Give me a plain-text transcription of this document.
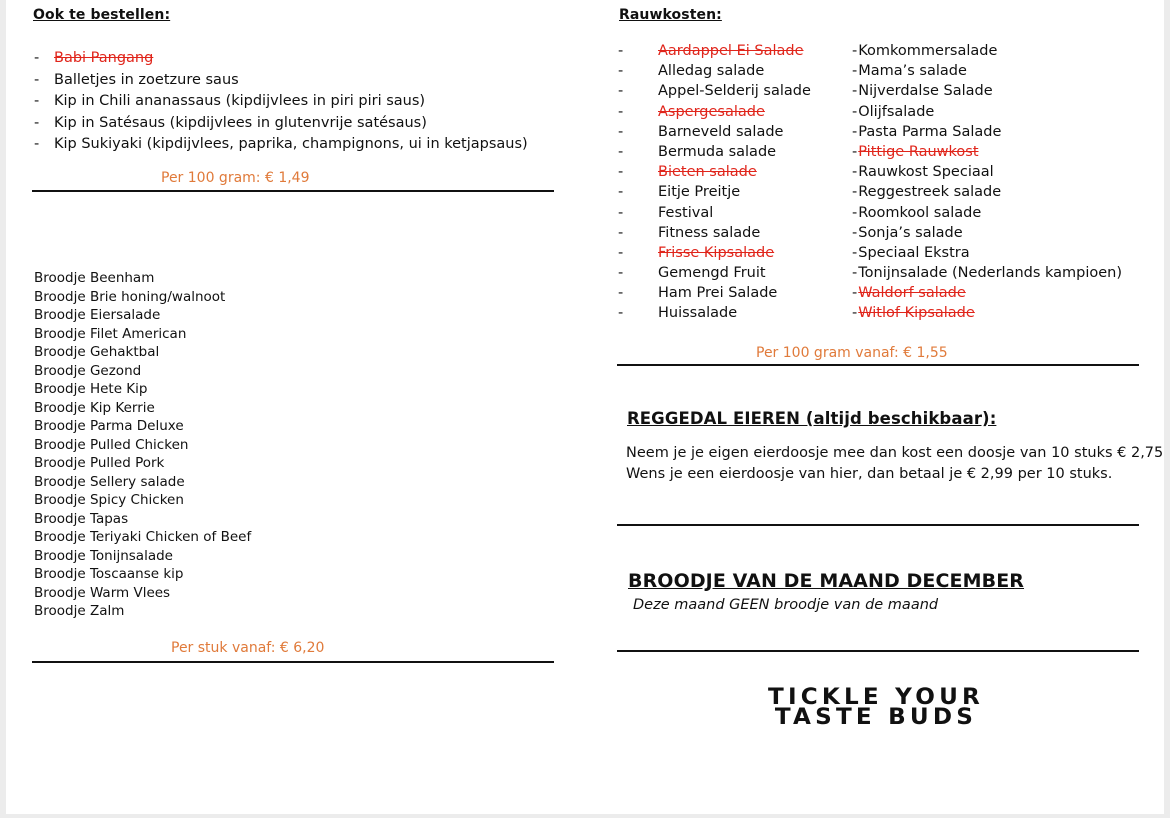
Ook te bestellen:
- Babi Pangang
- Balletjes in zoetzure saus
- Kip in Chili ananassaus (kipdijvlees in piri piri saus)
- Kip in Satésaus (kipdijvlees in glutenvrije satésaus)
- Kip Sukiyaki (kipdijvlees, paprika, champignons, ui in ketjapsaus)
Per 100 gram: € 1,49
Broodje Beenham
Broodje Brie honing/walnoot
Broodje Eiersalade
Broodje Filet American
Broodje Gehaktbal
Broodje Gezond
Broodje Hete Kip
Broodje Kip Kerrie
Broodje Parma Deluxe
Broodje Pulled Chicken
Broodje Pulled Pork
Broodje Sellery salade
Broodje Spicy Chicken
Broodje Tapas
Broodje Teriyaki Chicken of Beef
Broodje Tonijnsalade
Broodje Toscaanse kip
Broodje Warm Vlees
Broodje Zalm
Per stuk vanaf: € 6,20
Rauwkosten:
- Aardappel Ei Salade
- Alledag salade
- Appel-Selderij salade
- Aspergesalade
- Barneveld salade
- Bermuda salade
- Bieten salade
- Eitje Preitje
- Festival
- Fitness salade
- Frisse Kipsalade
- Gemengd Fruit
- Ham Prei Salade
- Huissalade
-Komkommersalade
-Mama’s salade
-Nijverdalse Salade
-Olijfsalade
-Pasta Parma Salade
-Pittige Rauwkost
-Rauwkost Speciaal
-Reggestreek salade
-Roomkool salade
-Sonja’s salade
-Speciaal Ekstra
-Tonijnsalade (Nederlands kampioen)
-Waldorf salade
-Witlof Kipsalade
Per 100 gram vanaf: € 1,55
REGGEDAL EIEREN (altijd beschikbaar):
Neem je je eigen eierdoosje mee dan kost een doosje van 10 stuks € 2,75
Wens je een eierdoosje van hier, dan betaal je € 2,99 per 10 stuks.
BROODJE VAN DE MAAND DECEMBER
Deze maand GEEN broodje van de maand
TICKLE YOUR
TASTE BUDS
